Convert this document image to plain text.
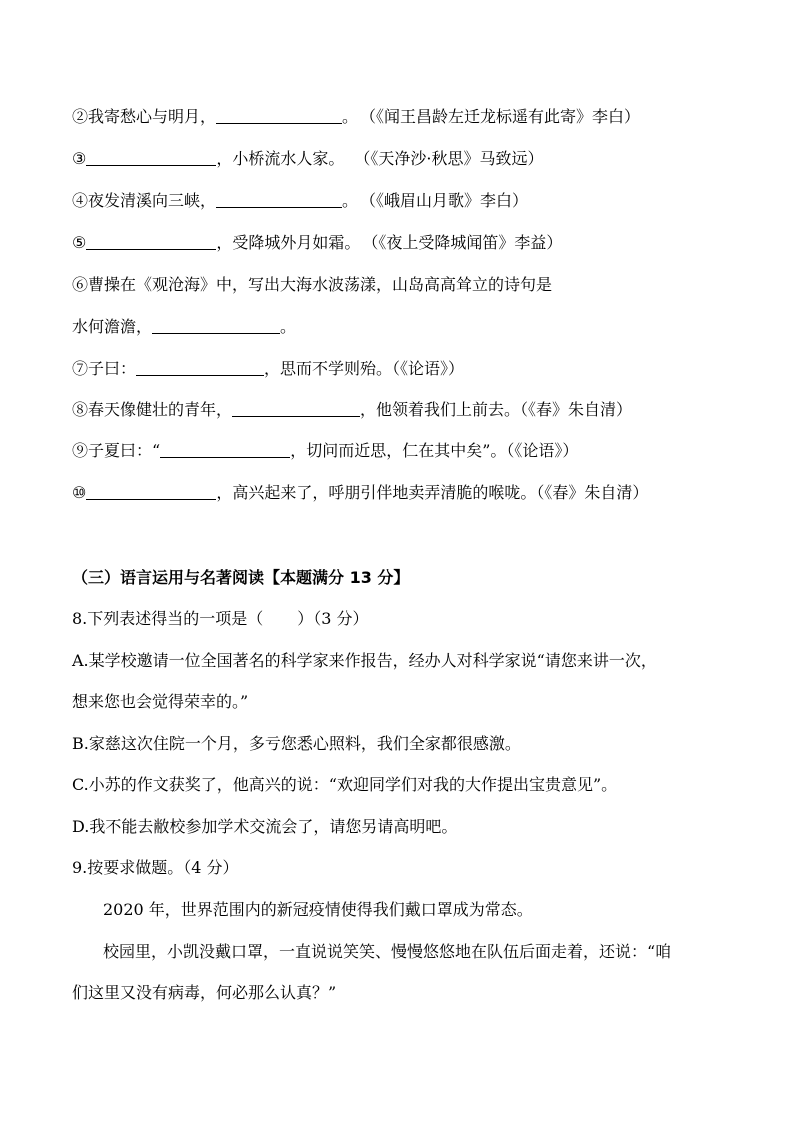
②我寄愁心与明月，	。 （《闻王昌龄左迁龙标遥有此寄》李白）
③	，小桥流水人家。 （《天净沙·秋思》马致远）
④夜发清溪向三峡，	。 （《峨眉山月歌》李白）
⑤	，受降城外月如霜。 （《夜上受降城闻笛》李益）
⑥曹操在《观沧海》中，写出大海水波荡漾，山岛高高耸立的诗句是
水何澹澹，	。
⑦子曰：	，思而不学则殆。（《论语》）
⑧春天像健壮的青年，	，他领着我们上前去。（《春》朱自清）
⑨子夏曰：“	，切问而近思，仁在其中矣”。（《论语》）
⑩	，高兴起来了，呼朋引伴地卖弄清脆的喉咙。（《春》朱自清）
（三）语言运用与名著阅读【本题满分 13 分】
8.下列表述得当的一项是（ ）（3 分）
A.某学校邀请一位全国著名的科学家来作报告，经办人对科学家说“请您来讲一次，
想来您也会觉得荣幸的。”
B.家慈这次住院一个月，多亏您悉心照料，我们全家都很感激。
C.小苏的作文获奖了，他高兴的说：“欢迎同学们对我的大作提出宝贵意见”。
D.我不能去敝校参加学术交流会了，请您另请高明吧。
9.按要求做题。（4 分）
2020 年，世界范围内的新冠疫情使得我们戴口罩成为常态。
校园里，小凯没戴口罩，一直说说笑笑、慢慢悠悠地在队伍后面走着，还说：“咱
们这里又没有病毒，何必那么认真？”
